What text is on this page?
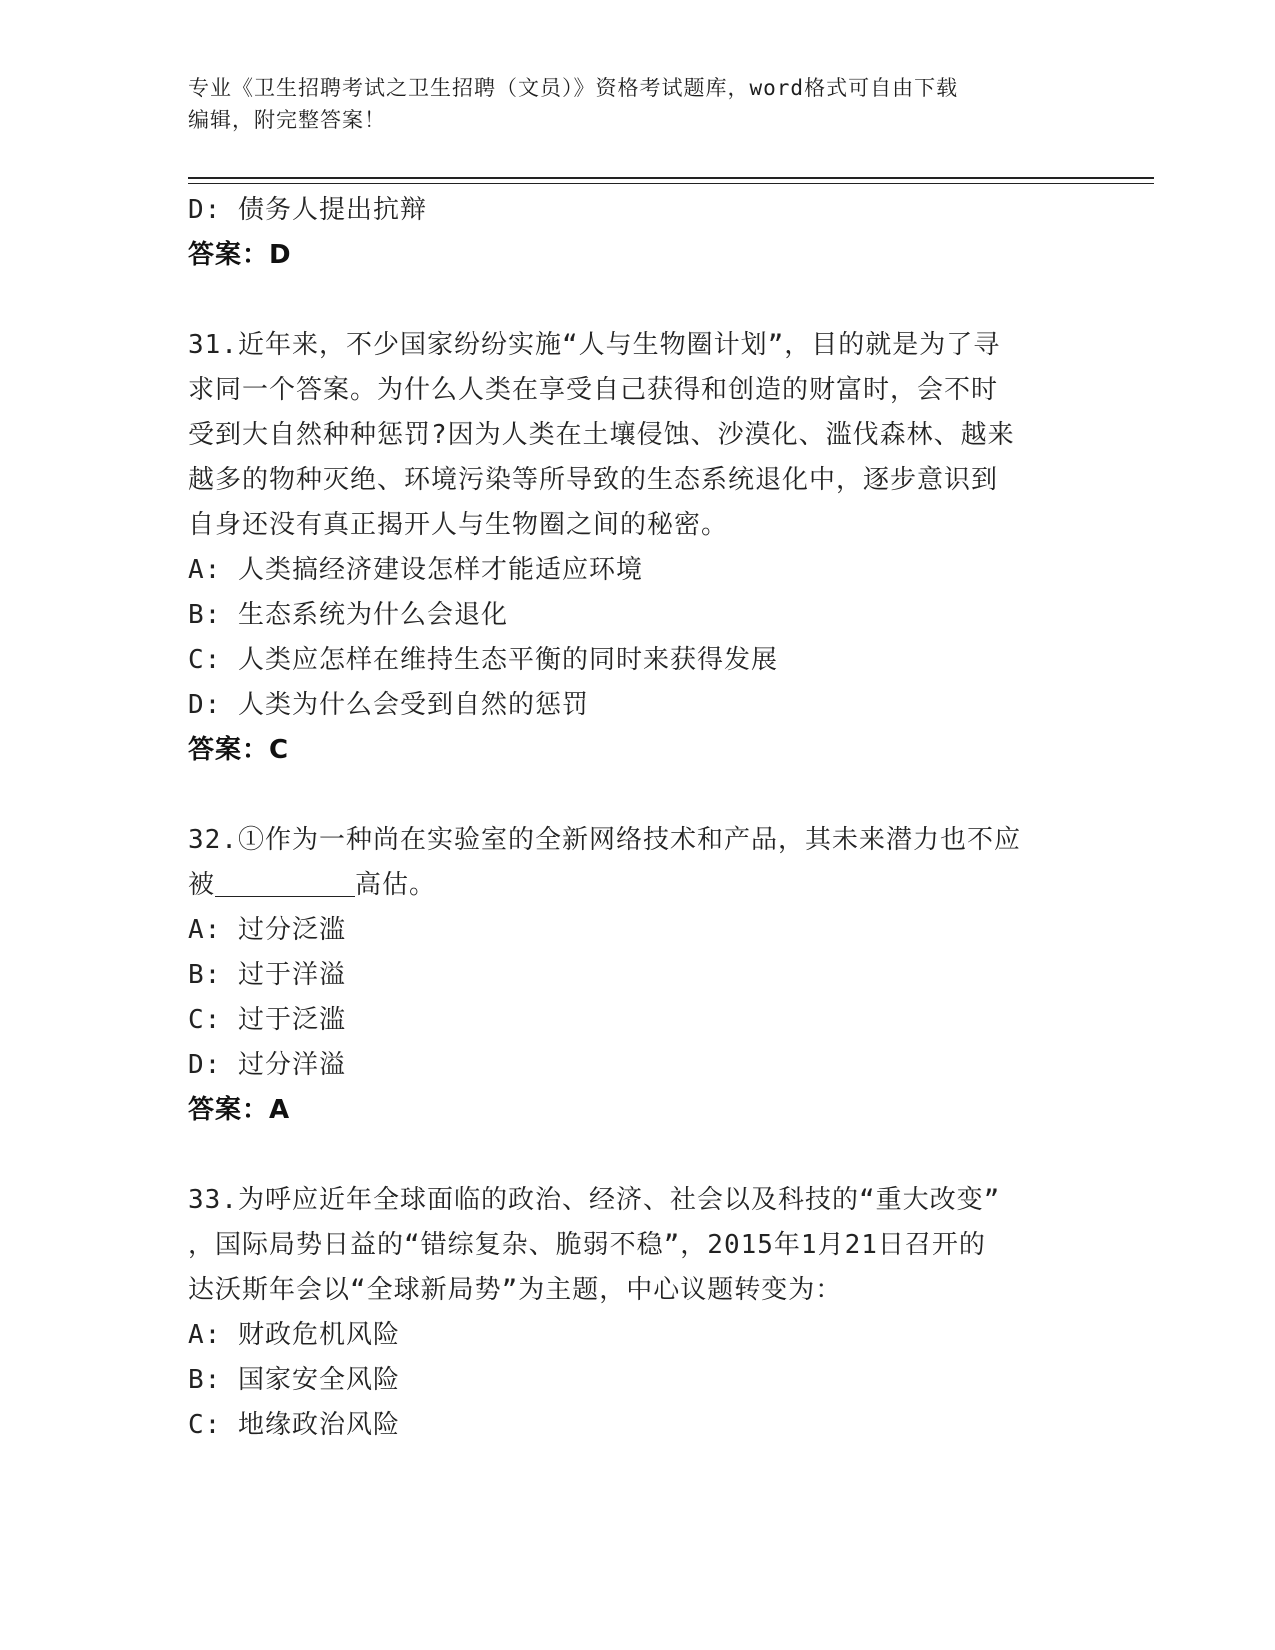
专业《卫生招聘考试之卫生招聘（文员）》资格考试题库，word格式可自由下载
编辑，附完整答案！
D: 债务人提出抗辩
答案：D
31.近年来，不少国家纷纷实施“人与生物圈计划”，目的就是为了寻
求同一个答案。为什么人类在享受自己获得和创造的财富时，会不时
受到大自然种种惩罚?因为人类在土壤侵蚀、沙漠化、滥伐森林、越来
越多的物种灭绝、环境污染等所导致的生态系统退化中，逐步意识到
自身还没有真正揭开人与生物圈之间的秘密。
A: 人类搞经济建设怎样才能适应环境
B: 生态系统为什么会退化
C: 人类应怎样在维持生态平衡的同时来获得发展
D: 人类为什么会受到自然的惩罚
答案：C
32.①作为一种尚在实验室的全新网络技术和产品，其未来潜力也不应
被	高估。
A: 过分泛滥
B: 过于洋溢
C: 过于泛滥
D: 过分洋溢
答案：A
33.为呼应近年全球面临的政治、经济、社会以及科技的“重大改变”
，国际局势日益的“错综复杂、脆弱不稳”，2015年1月21日召开的
达沃斯年会以“全球新局势”为主题，中心议题转变为：
A: 财政危机风险
B: 国家安全风险
C: 地缘政治风险
